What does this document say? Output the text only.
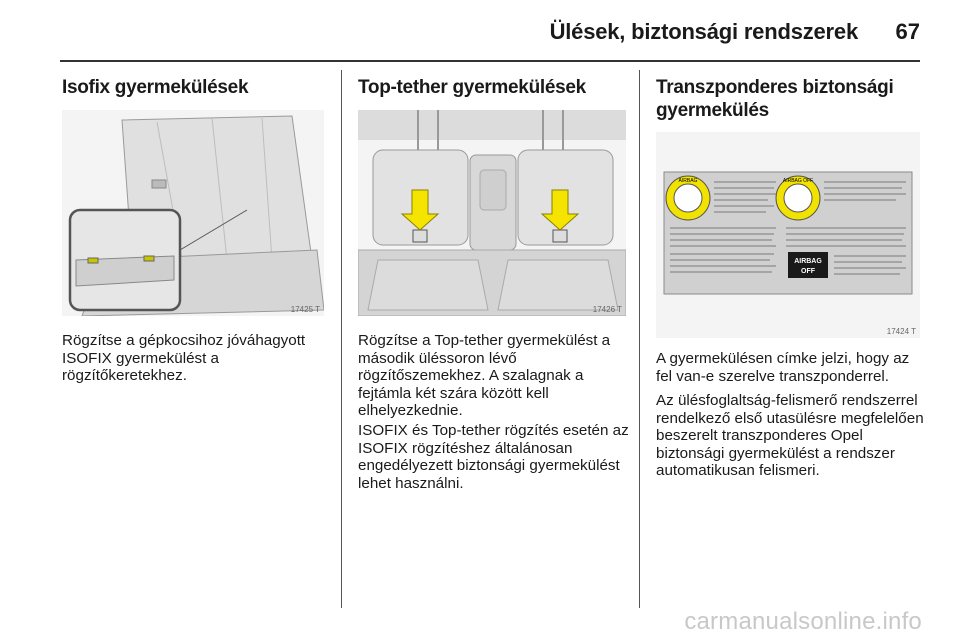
Ülések, biztonsági rendszerek 67
Isofix gyermekülések
17425 T

Rögzítse a gépkocsihoz jóváhagyott ISOFIX gyermekülést a rögzítőkeretekhez.

Top-tether gyermekülések
17426 T

Rögzítse a Top-tether gyermekülést a második üléssoron lévő rögzítőszemekhez. A szalagnak a fejtámla két szára között kell elhelyezkednie.

ISOFIX és Top-tether rögzítés esetén az ISOFIX rögzítéshez általánosan engedélyezett biztonsági gyermekülést lehet használni.

Transzponderes biztonsági gyermekülés
AIRBAG	AIRBAG OFF
AIRBAG
OFF
17424 T

A gyermekülésen címke jelzi, hogy az fel van-e szerelve transzponderrel.

Az ülésfoglaltság-felismerő rendszerrel rendelkező első utasülésre megfelelően beszerelt transzponderes Opel biztonsági gyermekülést a rendszer automatikusan felismeri.

carmanualsonline.info
